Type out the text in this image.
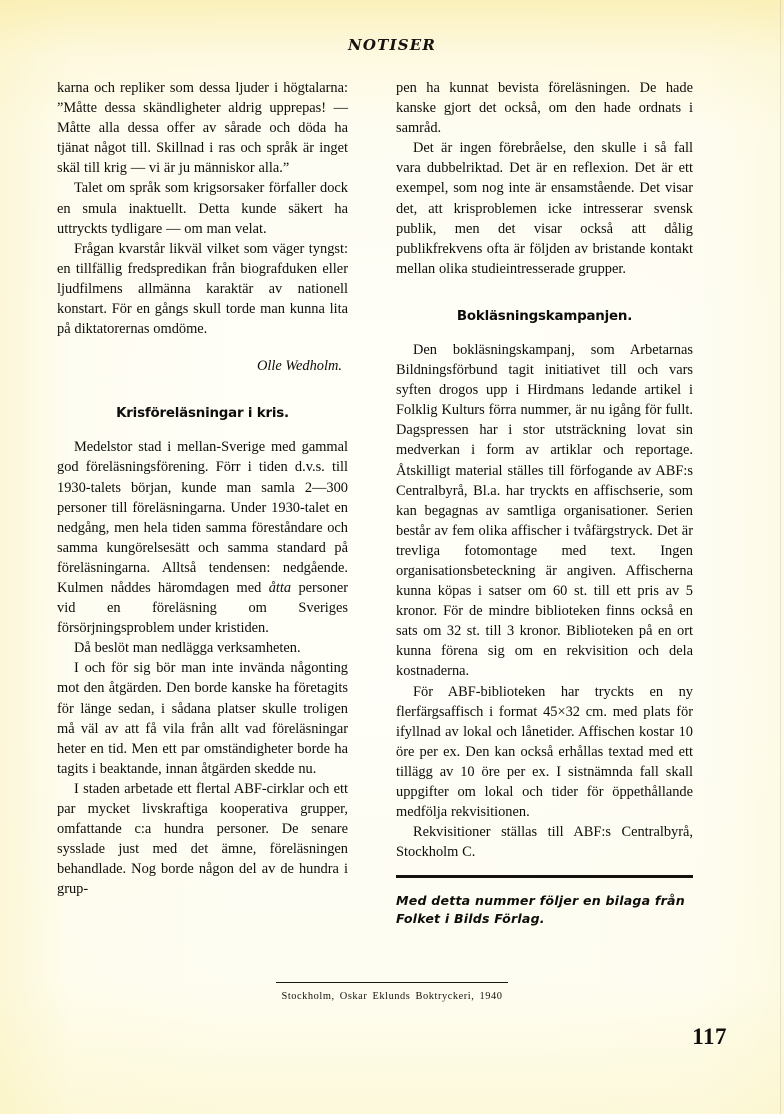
NOTISER

karna och repliker som dessa ljuder i högtalarna: ”Måtte dessa skändligheter aldrig upprepas! — Måtte alla dessa offer av sårade och döda ha tjänat något till. Skillnad i ras och språk är inget skäl till krig — vi är ju människor alla.”

Talet om språk som krigsorsaker förfaller dock en smula inaktuellt. Detta kunde säkert ha uttryckts tydligare — om man velat.

Frågan kvarstår likväl vilket som väger tyngst: en tillfällig fredspredikan från biografduken eller ljudfilmens allmänna karaktär av nationell konstart. För en gångs skull torde man kunna lita på diktatorernas omdöme.

Olle Wedholm.

Krisföreläsningar i kris.

Medelstor stad i mellan-Sverige med gammal god föreläsningsförening. Förr i tiden d.v.s. till 1930-talets början, kunde man samla 2—300 personer till föreläsningarna. Under 1930-talet en nedgång, men hela tiden samma föreståndare och samma kungörelsesätt och samma standard på föreläsningarna. Alltså tendensen: nedgående. Kulmen nåddes häromdagen med åtta personer vid en föreläsning om Sveriges försörjningsproblem under kristiden.

Då beslöt man nedlägga verksamheten.

I och för sig bör man inte invända någonting mot den åtgärden. Den borde kanske ha företagits för länge sedan, i sådana platser skulle troligen må väl av att få vila från allt vad föreläsningar heter en tid. Men ett par omständigheter borde ha tagits i beaktande, innan åtgärden skedde nu.

I staden arbetade ett flertal ABF-cirklar och ett par mycket livskraftiga kooperativa grupper, omfattande c:a hundra personer. De senare sysslade just med det ämne, föreläsningen behandlade. Nog borde någon del av de hundra i grup-

pen ha kunnat bevista föreläsningen. De hade kanske gjort det också, om den hade ordnats i samråd.

Det är ingen förebråelse, den skulle i så fall vara dubbelriktad. Det är en reflexion. Det är ett exempel, som nog inte är ensamstående. Det visar det, att krisproblemen icke intresserar svensk publik, men det visar också att dålig publikfrekvens ofta är följden av bristande kontakt mellan olika studieintresserade grupper.

Bokläsningskampanjen.

Den bokläsningskampanj, som Arbetarnas Bildningsförbund tagit initiativet till och vars syften drogos upp i Hirdmans ledande artikel i Folklig Kulturs förra nummer, är nu igång för fullt. Dagspressen har i stor utsträckning lovat sin medverkan i form av artiklar och reportage. Åtskilligt material ställes till förfogande av ABF:s Centralbyrå, Bl.a. har tryckts en affischserie, som kan begagnas av samtliga organisationer. Serien består av fem olika affischer i tvåfärgstryck. Det är trevliga fotomontage med text. Ingen organisationsbeteckning är angiven. Affischerna kunna köpas i satser om 60 st. till ett pris av 5 kronor. För de mindre biblioteken finns också en sats om 32 st. till 3 kronor. Biblioteken på en ort kunna förena sig om en rekvisition och dela kostnaderna.

För ABF-biblioteken har tryckts en ny flerfärgsaffisch i format 45×32 cm. med plats för ifyllnad av lokal och lånetider. Affischen kostar 10 öre per ex. Den kan också erhållas textad med ett tillägg av 10 öre per ex. I sistnämnda fall skall uppgifter om lokal och tider för öppethållande medfölja rekvisitionen.

Rekvisitioner ställas till ABF:s Centralbyrå, Stockholm C.

Med detta nummer följer en bilaga från Folket i Bilds Förlag.

Stockholm, Oskar Eklunds Boktryckeri, 1940
117
